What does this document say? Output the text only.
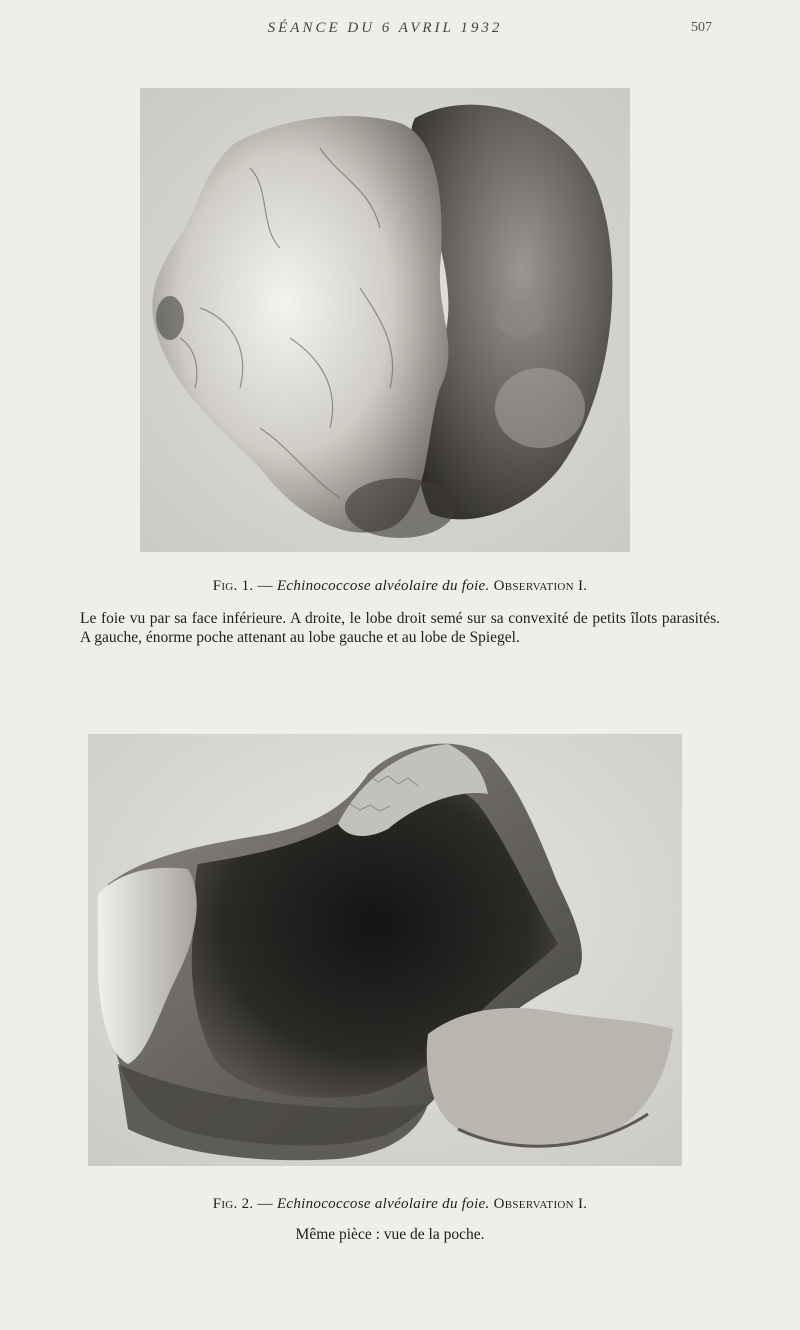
SÉANCE DU 6 AVRIL 1932	507
Fig. 1. — Echinococcose alvéolaire du foie. Observation I.
Le foie vu par sa face inférieure. A droite, le lobe droit semé sur sa convexité de petits îlots parasités. A gauche, énorme poche attenant au lobe gauche et au lobe de Spiegel.
Fig. 2. — Echinococcose alvéolaire du foie. Observation I.
Même pièce : vue de la poche.
